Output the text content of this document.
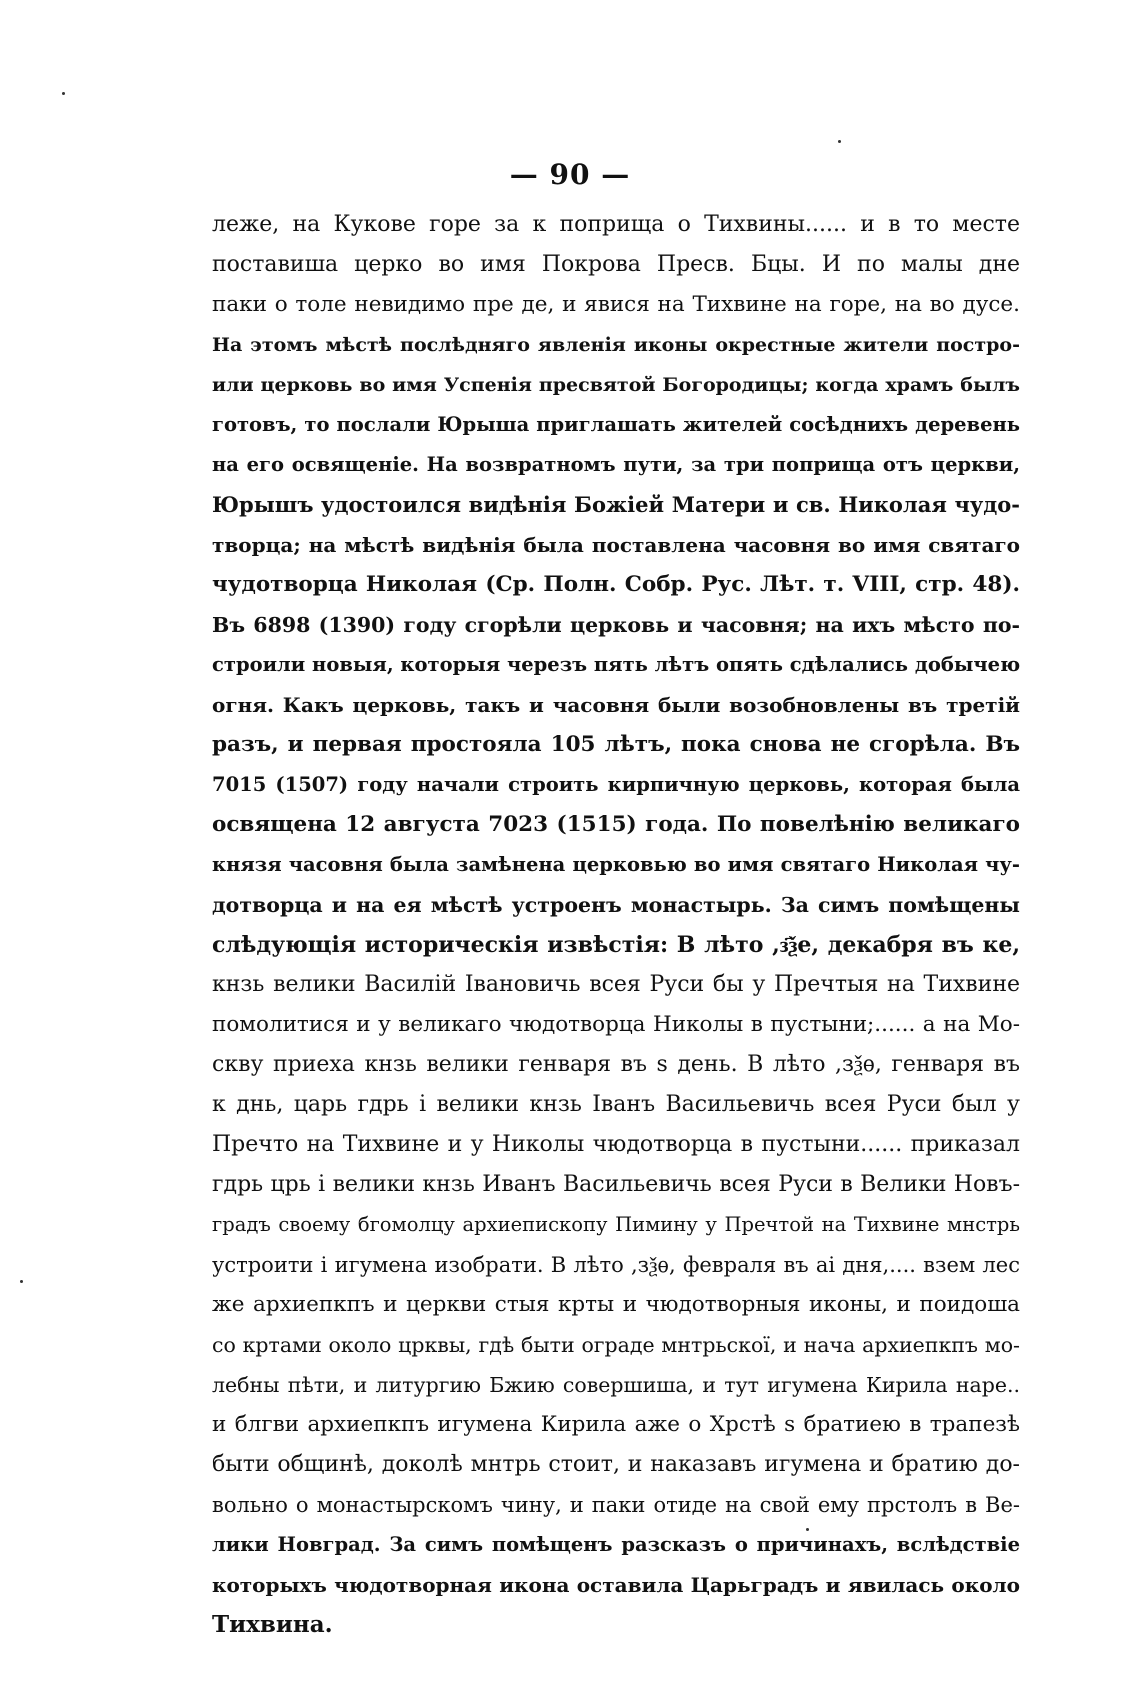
— 90 —
леже, на Кукове горе за к поприща о Тихвины...... и в то месте
поставиша церко во имя Покрова Пресв. Бцы. И по малы дне
паки о толе невидимо пре де, и явися на Тихвине на горе, на во дусе.
На этомъ мѣстѣ послѣдняго явленія иконы окрестные жители постро-
или церковь во имя Успенія пресвятой Богородицы; когда храмъ былъ
готовъ, то послали Юрыша приглашать жителей сосѣднихъ деревень
на его освященіе. На возвратномъ пути, за три поприща отъ церкви,
Юрышъ удостоился видѣнія Божіей Матери и св. Николая чудо-
творца; на мѣстѣ видѣнія была поставлена часовня во имя святаго
чудотворца Николая (Ср. Полн. Собр. Рус. Лѣт. т. VIII, стр. 48).
Въ 6898 (1390) году сгорѣли церковь и часовня; на ихъ мѣсто по-
строили новыя, которыя черезъ пять лѣтъ опять сдѣлались добычею
огня. Какъ церковь, такъ и часовня были возобновлены въ третій
разъ, и первая простояла 105 лѣтъ, пока снова не сгорѣла. Въ
7015 (1507) году начали строить кирпичную церковь, которая была
освящена 12 августа 7023 (1515) года. По повелѣнію великаго
князя часовня была замѣнена церковью во имя святаго Николая чу-
дотворца и на ея мѣстѣ устроенъ монастырь. За симъ помѣщены
слѣдующія историческія извѣстія: В лѣто ,з҃ѯе, декабря въ ке,
кнзь велики Василій Івановичь всея Руси бы у Пречтыя на Тихвине
помолитися и у великаго чюдотворца Николы в пустыни;...... а на Мо-
скву приеха кнзь велики генваря въ ѕ день. В лѣто ,зѯѳ, генваря въ
к днь, царь гдрь і велики кнзь Іванъ Васильевичь всея Руси был у
Пречто на Тихвине и у Николы чюдотворца в пустыни...... приказал
гдрь црь і велики кнзь Иванъ Васильевичь всея Руси в Велики Новъ-
градъ своему бгомолцу архиепископу Пимину у Пречтой на Тихвине мнстрь
устроити і игумена изобрати. В лѣто ,зѯѳ, февраля въ аі дня,.... взем лес
же архиепкпъ и церкви стыя крты и чюдотворныя иконы, и поидоша
со кртами около црквы, гдѣ быти ограде мнтрьскої, и нача архиепкпъ мо-
лебны пѣти, и литургию Бжию совершиша, и тут игумена Кирила наре..
и блгви архиепкпъ игумена Кирила аже о Хрстѣ ѕ братиею в трапезѣ
быти общинѣ, доколѣ мнтрь стоит, и наказавъ игумена и братию до-
вольно о монастырскомъ чину, и паки отиде на свой ему прстолъ в Ве-
лики Новград. За симъ помѣщенъ разсказъ о причинахъ, вслѣдствіе
которыхъ чюдотворная икона оставила Царьградъ и явилась около
Тихвина.
